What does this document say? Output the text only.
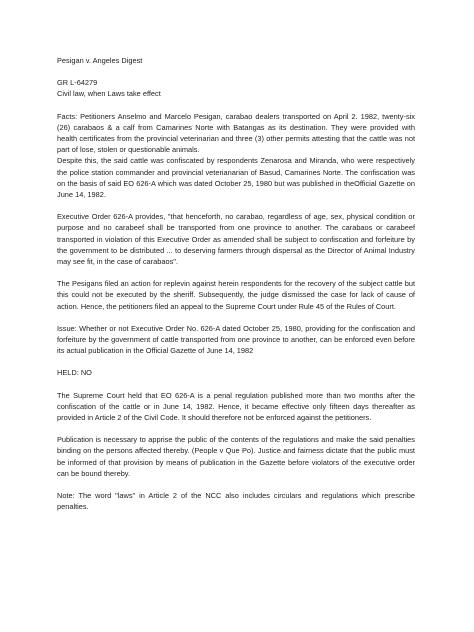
Pesigan v. Angeles Digest

GR L-64279

Civil law, when Laws take effect

Facts: Petitioners Anselmo and Marcelo Pesigan, carabao dealers transported on April 2. 1982, twenty-six (26) carabaos & a calf from Camarines Norte with Batangas as its destination. They were provided with health certificates from the provincial veterinarian and three (3) other permits attesting that the cattle was not part of lose, stolen or questionable animals.

Despite this, the said cattle was confiscated by respondents Zenarosa and Miranda, who were respectively the police station commander and provincial veterianarian of Basud, Camarines Norte. The confiscation was on the basis of said EO 626-A which was dated October 25, 1980 but was published in theOfficial Gazette on June 14, 1982.

Executive Order 626-A provides, "that henceforth, no carabao, regardless of age, sex, physical condition or purpose and no carabeef shall be transported from one province to another. The carabaos or carabeef transported in violation of this Executive Order as amended shall be subject to confiscation and forfeiture by the government to be distributed ... to deserving farmers through dispersal as the Director of Animal Industry may see fit, in the case of carabaos".

The Pesigans filed an action for replevin against herein respondents for the recovery of the subject cattle but this could not be executed by the sheriff. Subsequently, the judge dismissed the case for lack of cause of action. Hence, the petitioners filed an appeal to the Supreme Court under Rule 45 of the Rules of Court.

Issue: Whether or not Executive Order No. 626-A dated October 25, 1980, providing for the confiscation and forfeiture by the government of cattle transported from one province to another, can be enforced even before its actual publication in the Official Gazette of June 14, 1982

HELD: NO

The Supreme Court held that EO 626-A is a penal regulation published more than two months after the confiscation of the cattle or in June 14, 1982. Hence, it became effective only fifteen days thereafter as provided in Article 2 of the Civil Code. It should therefore not be enforced against the petitioners.

Publication is necessary to apprise the public of the contents of the regulations and make the said penalties binding on the persons affected thereby. (People v Que Po). Justice and fairness dictate that the public must be informed of that provision by means of publication in the Gazette before violators of the executive order can be bound thereby.

Note: The word "laws" in Article 2 of the NCC also includes circulars and regulations which prescribe penalties.
